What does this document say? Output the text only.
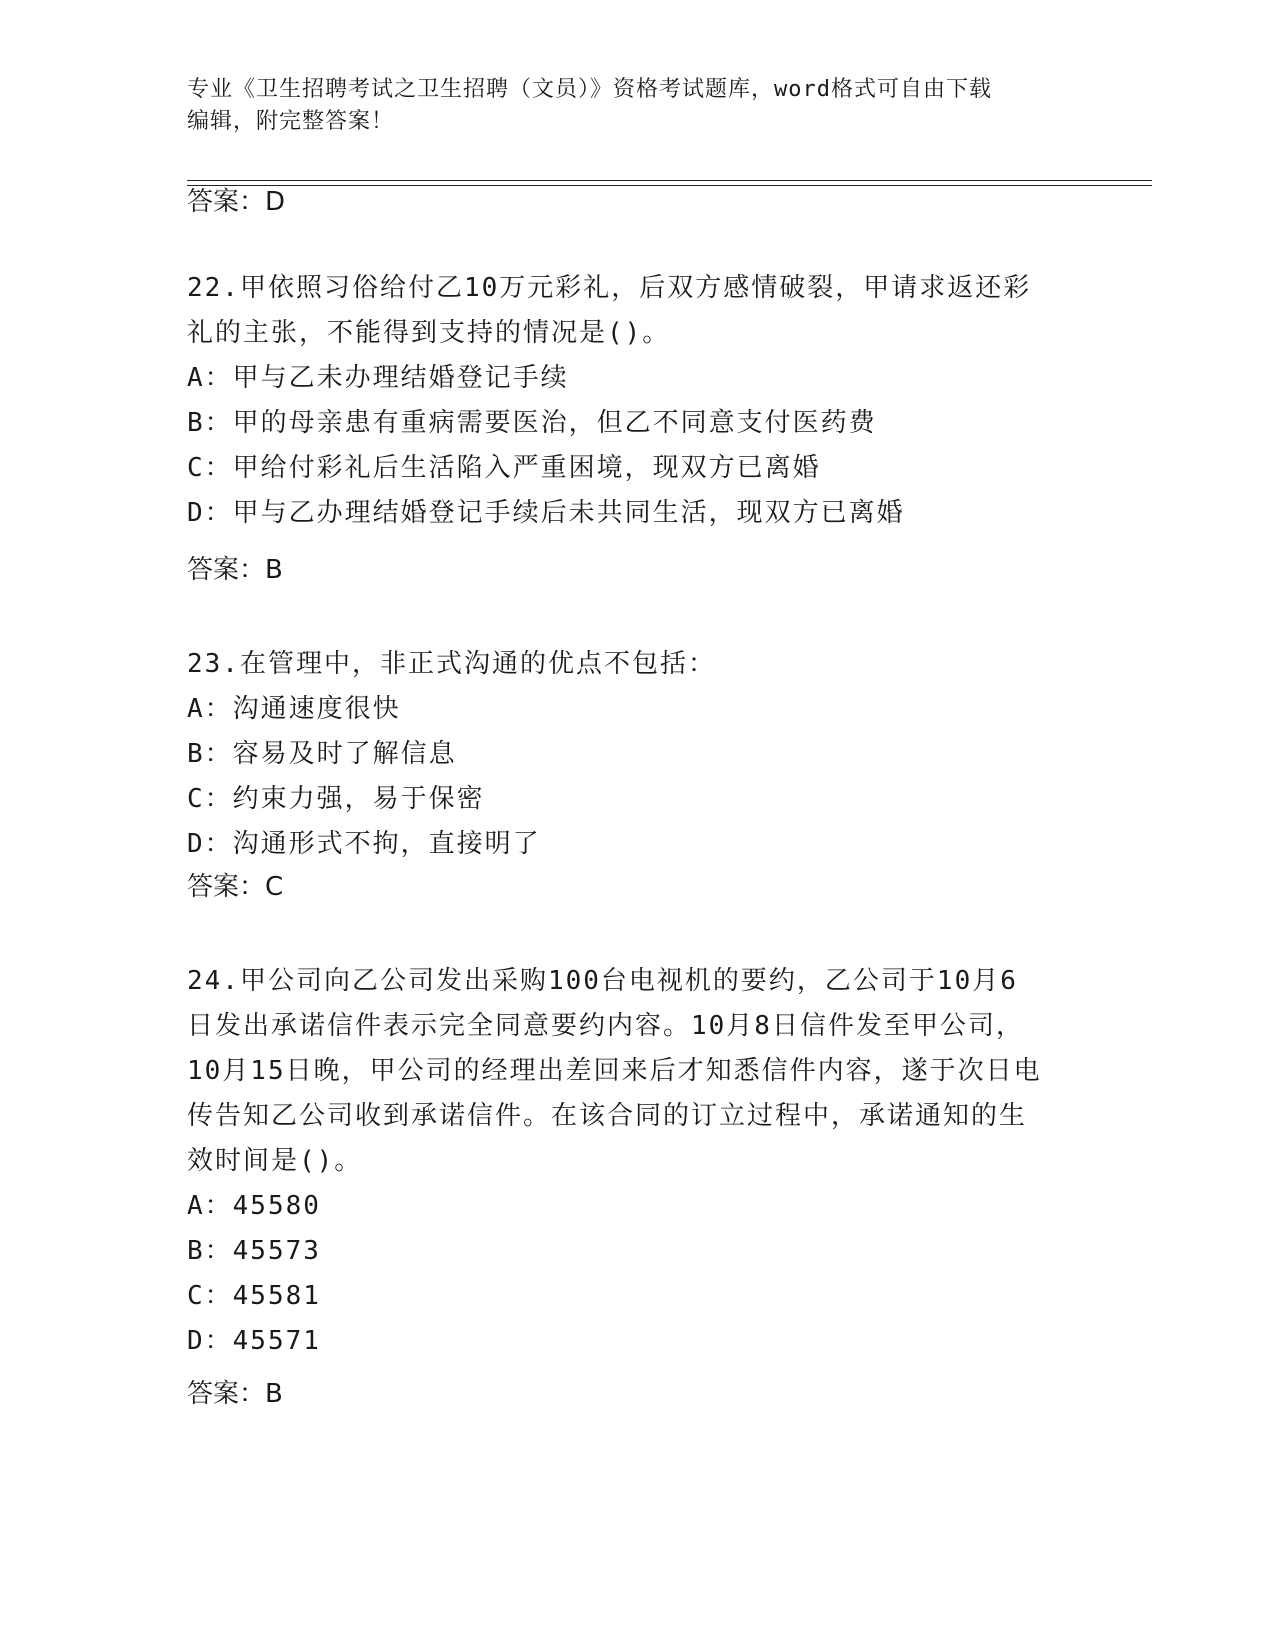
专业《卫生招聘考试之卫生招聘（文员）》资格考试题库，word格式可自由下载
编辑，附完整答案！
答案：D
22.甲依照习俗给付乙10万元彩礼，后双方感情破裂，甲请求返还彩
礼的主张，不能得到支持的情况是()。
A：甲与乙未办理结婚登记手续
B：甲的母亲患有重病需要医治，但乙不同意支付医药费
C：甲给付彩礼后生活陷入严重困境，现双方已离婚
D：甲与乙办理结婚登记手续后未共同生活，现双方已离婚
答案：B
23.在管理中，非正式沟通的优点不包括：
A：沟通速度很快
B：容易及时了解信息
C：约束力强，易于保密
D：沟通形式不拘，直接明了
答案：C
24.甲公司向乙公司发出采购100台电视机的要约，乙公司于10月6
日发出承诺信件表示完全同意要约内容。10月8日信件发至甲公司，
10月15日晚，甲公司的经理出差回来后才知悉信件内容，遂于次日电
传告知乙公司收到承诺信件。在该合同的订立过程中，承诺通知的生
效时间是()。
A：45580
B：45573
C：45581
D：45571
答案：B
